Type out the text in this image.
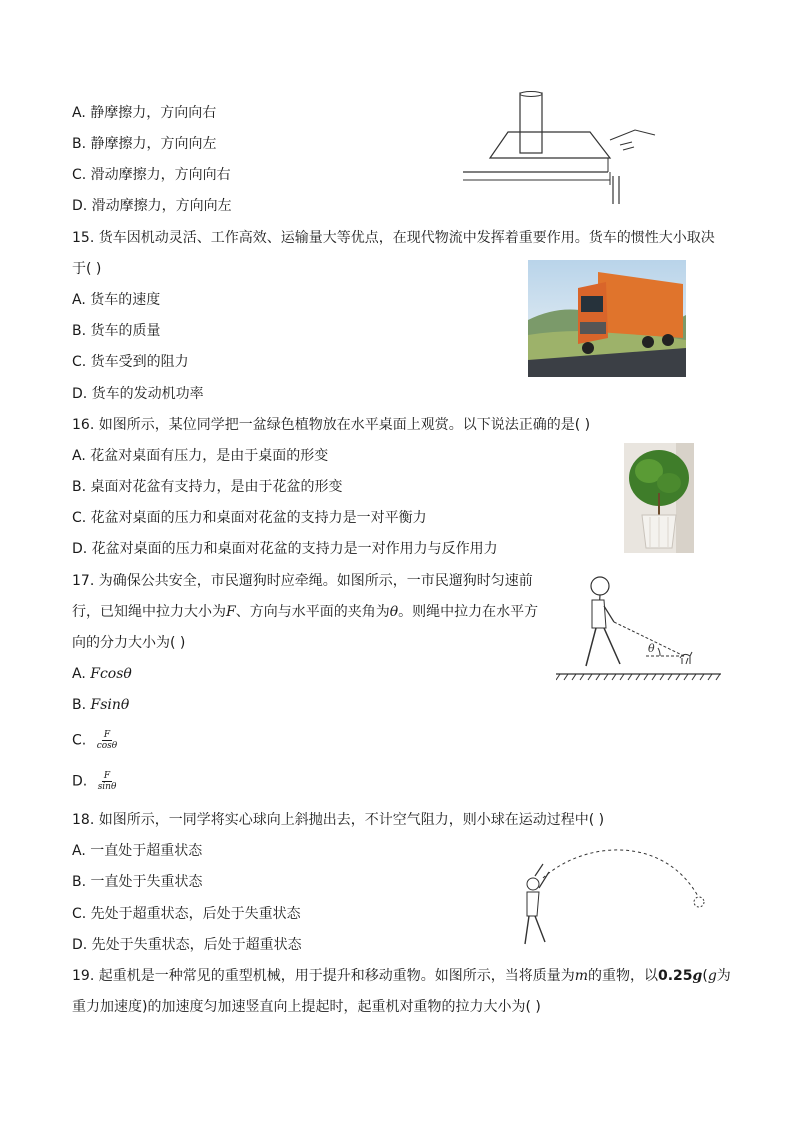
A. 静摩擦力，方向向右
B. 静摩擦力，方向向左
C. 滑动摩擦力，方向向右
D. 滑动摩擦力，方向向左
15. 货车因机动灵活、工作高效、运输量大等优点，在现代物流中发挥着重要作用。货车的惯性大小取决
于( )
A. 货车的速度
B. 货车的质量
C. 货车受到的阻力
D. 货车的发动机功率
16. 如图所示，某位同学把一盆绿色植物放在水平桌面上观赏。以下说法正确的是( )
A. 花盆对桌面有压力，是由于桌面的形变
B. 桌面对花盆有支持力，是由于花盆的形变
C. 花盆对桌面的压力和桌面对花盆的支持力是一对平衡力
D. 花盆对桌面的压力和桌面对花盆的支持力是一对作用力与反作用力
17. 为确保公共安全，市民遛狗时应牵绳。如图所示，一市民遛狗时匀速前
行，已知绳中拉力大小为F、方向与水平面的夹角为θ。则绳中拉力在水平方
向的分力大小为( )
A. Fcosθ
B. Fsinθ
C. $\frac{F}{\cos\theta}$
D. $\frac{F}{\sin\theta}$
θ
18. 如图所示，一同学将实心球向上斜抛出去，不计空气阻力，则小球在运动过程中( )
A. 一直处于超重状态
B. 一直处于失重状态
C. 先处于超重状态，后处于失重状态
D. 先处于失重状态，后处于超重状态
19. 起重机是一种常见的重型机械，用于提升和移动重物。如图所示，当将质量为m的重物，以0.25g(g为
重力加速度)的加速度匀加速竖直向上提起时，起重机对重物的拉力大小为( )
